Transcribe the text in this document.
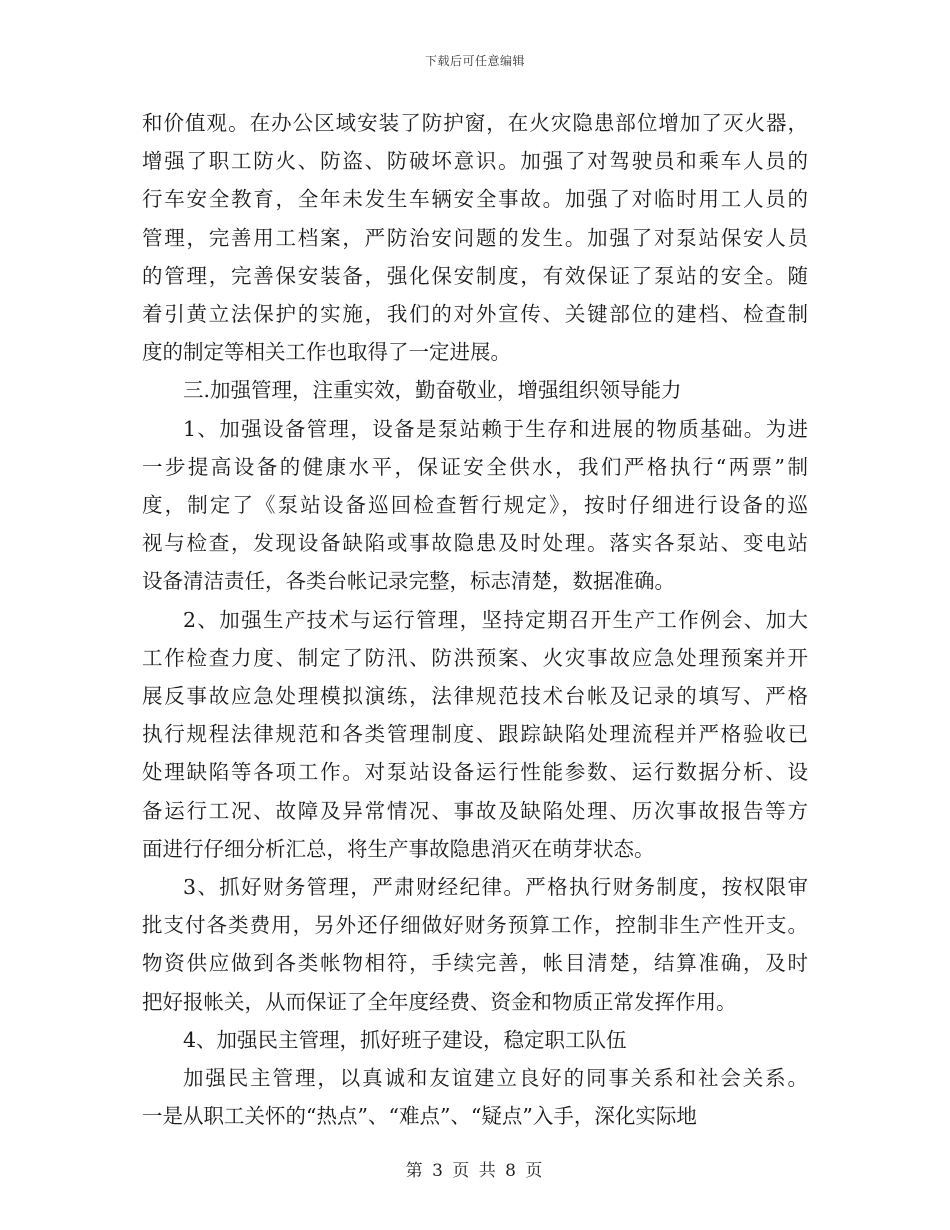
下载后可任意编辑
和价值观。在办公区域安装了防护窗，在火灾隐患部位增加了灭火器，
增强了职工防火、防盗、防破坏意识。加强了对驾驶员和乘车人员的
行车安全教育，全年未发生车辆安全事故。加强了对临时用工人员的
管理，完善用工档案，严防治安问题的发生。加强了对泵站保安人员
的管理，完善保安装备，强化保安制度，有效保证了泵站的安全。随
着引黄立法保护的实施，我们的对外宣传、关键部位的建档、检查制
度的制定等相关工作也取得了一定进展。
三.加强管理，注重实效，勤奋敬业，增强组织领导能力
1、加强设备管理，设备是泵站赖于生存和进展的物质基础。为进
一步提高设备的健康水平，保证安全供水，我们严格执行“两票”制
度，制定了《泵站设备巡回检查暂行规定》，按时仔细进行设备的巡
视与检查，发现设备缺陷或事故隐患及时处理。落实各泵站、变电站
设备清洁责任，各类台帐记录完整，标志清楚，数据准确。
2、加强生产技术与运行管理，坚持定期召开生产工作例会、加大
工作检查力度、制定了防汛、防洪预案、火灾事故应急处理预案并开
展反事故应急处理模拟演练，法律规范技术台帐及记录的填写、严格
执行规程法律规范和各类管理制度、跟踪缺陷处理流程并严格验收已
处理缺陷等各项工作。对泵站设备运行性能参数、运行数据分析、设
备运行工况、故障及异常情况、事故及缺陷处理、历次事故报告等方
面进行仔细分析汇总，将生产事故隐患消灭在萌芽状态。
3、抓好财务管理，严肃财经纪律。严格执行财务制度，按权限审
批支付各类费用，另外还仔细做好财务预算工作，控制非生产性开支。
物资供应做到各类帐物相符，手续完善，帐目清楚，结算准确，及时
把好报帐关，从而保证了全年度经费、资金和物质正常发挥作用。
4、加强民主管理，抓好班子建设，稳定职工队伍
加强民主管理，以真诚和友谊建立良好的同事关系和社会关系。
一是从职工关怀的“热点”、“难点”、“疑点”入手，深化实际地
第 3 页 共 8 页
